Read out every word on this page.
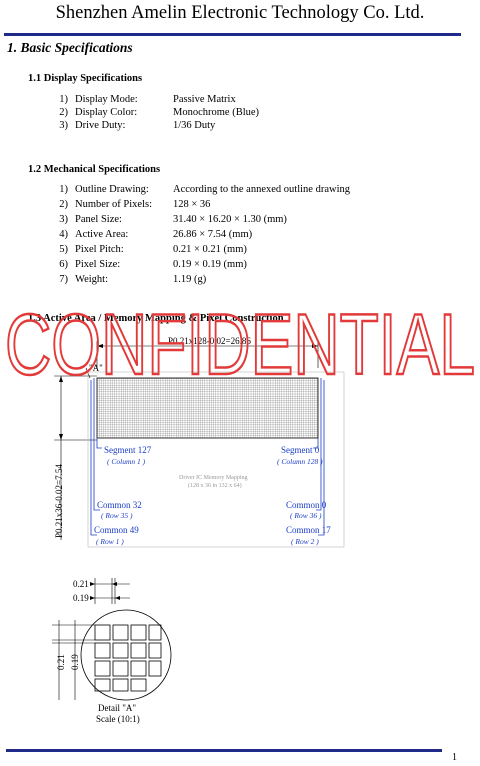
Shenzhen Amelin Electronic Technology Co. Ltd.
1. Basic Specifications
1.1 Display Specifications
1) Display Mode:	Passive Matrix
2) Display Color:	Monochrome (Blue)
3) Drive Duty:	1/36 Duty
1.2 Mechanical Specifications
1) Outline Drawing: According to the annexed outline drawing
2) Number of Pixels: 128 × 36
3) Panel Size:	31.40 × 16.20 × 1.30 (mm)
4) Active Area:	26.86 × 7.54 (mm)
5) Pixel Pitch:	0.21 × 0.21 (mm)
6) Pixel Size:	0.19 × 0.19 (mm)
7) Weight:	1.19 (g)
1.3 Active Area / Memory Mapping & Pixel Construction
P0.21x128-0.02=26.86
"A"
P0.21x36-0.02=7.54
Segment 127
( Column 1 )
Segment 0
( Column 128 )
Common 32
( Row 35 )
Common 0
( Row 36 )
Common 49
( Row 1 )
Common 17
( Row 2 )
Driver IC Memory Mapping
(128 x 36 in 132 x 64)
0.21
0.19
0.21 0.19
Detail "A"
Scale (10:1)
CONFIDENTIAL
1
